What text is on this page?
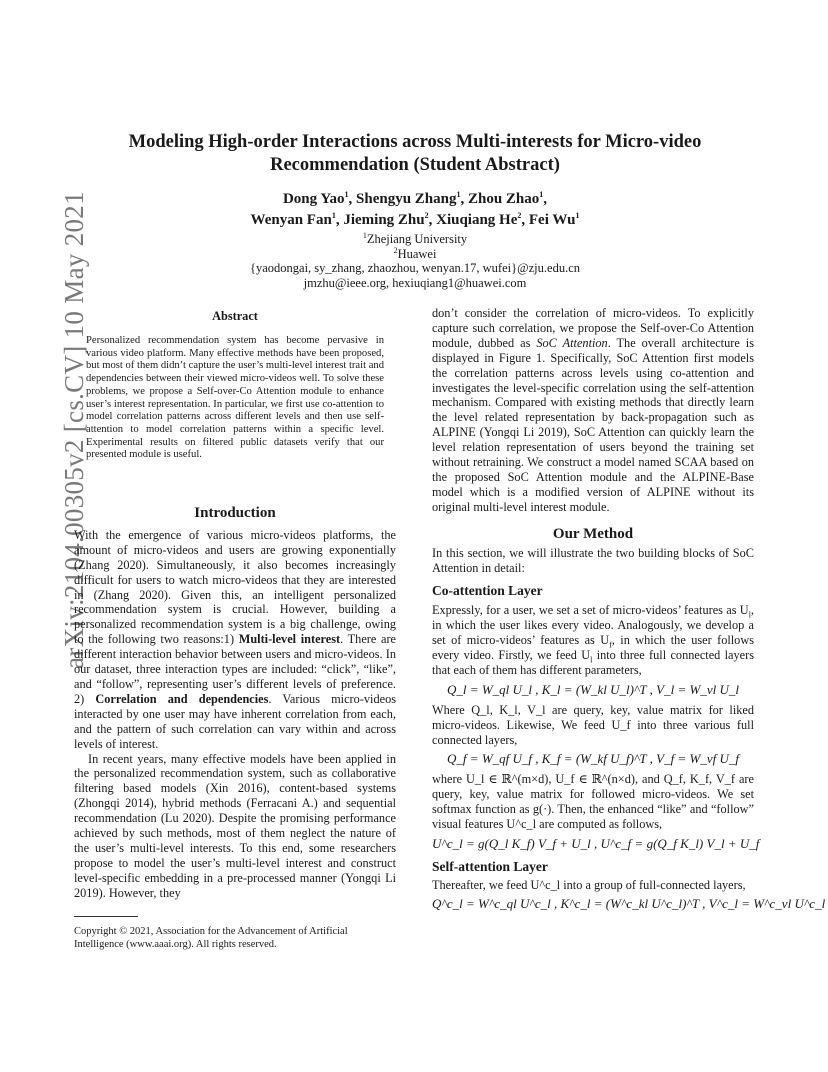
arXiv:2104.00305v2 [cs.CV] 10 May 2021
Modeling High-order Interactions across Multi-interests for Micro-video
Recommendation (Student Abstract)
Dong Yao$^1$, Shengyu Zhang$^1$, Zhou Zhao$^1$,
Wenyan Fan$^1$, Jieming Zhu$^2$, Xiuqiang He$^2$, Fei Wu$^1$
$^1$Zhejiang University
$^2$Huawei
{yaodongai, sy_zhang, zhaozhou, wenyan.17, wufei}@zju.edu.cn
jmzhu@ieee.org, hexiuqiang1@huawei.com
Abstract
Personalized recommendation system has become pervasive in various video platform. Many effective methods have been proposed, but most of them didn’t capture the user’s multi-level interest trait and dependencies between their viewed micro-videos well. To solve these problems, we propose a Self-over-Co Attention module to enhance user’s interest representation. In particular, we first use co-attention to model correlation patterns across different levels and then use self-attention to model correlation patterns within a specific level. Experimental results on filtered public datasets verify that our presented module is useful.
Introduction
With the emergence of various micro-videos platforms, the amount of micro-videos and users are growing exponentially (Zhang 2020). Simultaneously, it also becomes increasingly difficult for users to watch micro-videos that they are interested in (Zhang 2020). Given this, an intelligent personalized recommendation system is crucial. However, building a personalized recommendation system is a big challenge, owing to the following two reasons:1) Multi-level interest. There are different interaction behavior between users and micro-videos. In our dataset, three interaction types are included: “click”, “like”, and “follow”, representing user’s different levels of preference. 2) Correlation and dependencies. Various micro-videos interacted by one user may have inherent correlation from each, and the pattern of such correlation can vary within and across levels of interest.
In recent years, many effective models have been applied in the personalized recommendation system, such as collaborative filtering based models (Xin 2016), content-based systems (Zhongqi 2014), hybrid methods (Ferracani A.) and sequential recommendation (Lu 2020). Despite the promising performance achieved by such methods, most of them neglect the nature of the user’s multi-level interests. To this end, some researchers propose to model the user’s multi-level interest and construct level-specific embedding in a pre-processed manner (Yongqi Li 2019). However, they
Copyright © 2021, Association for the Advancement of Artificial Intelligence (www.aaai.org). All rights reserved.
don’t consider the correlation of micro-videos. To explicitly capture such correlation, we propose the Self-over-Co Attention module, dubbed as SoC Attention. The overall architecture is displayed in Figure 1. Specifically, SoC Attention first models the correlation patterns across levels using co-attention and investigates the level-specific correlation using the self-attention mechanism. Compared with existing methods that directly learn the level related representation by back-propagation such as ALPINE (Yongqi Li 2019), SoC Attention can quickly learn the level relation representation of users beyond the training set without retraining. We construct a model named SCAA based on the proposed SoC Attention module and the ALPINE-Base model which is a modified version of ALPINE without its original multi-level interest module.
Our Method
In this section, we will illustrate the two building blocks of SoC Attention in detail:
Co-attention Layer
Expressly, for a user, we set a set of micro-videos’ features as $U_l$, in which the user likes every video. Analogously, we develop a set of micro-videos’ features as $U_f$, in which the user follows every video. Firstly, we feed $U_l$ into three full connected layers that each of them has different parameters,
Q_l = W_ql U_l , K_l = (W_kl U_l)^T , V_l = W_vl U_l
Where Q_l, K_l, V_l are query, key, value matrix for liked micro-videos. Likewise, We feed U_f into three various full connected layers,
Q_f = W_qf U_f , K_f = (W_kf U_f)^T , V_f = W_vf U_f
where U_l ∈ ℝ^(m×d), U_f ∈ ℝ^(n×d), and Q_f, K_f, V_f are query, key, value matrix for followed micro-videos. We set softmax function as g(·). Then, the enhanced “like” and “follow” visual features U^c_l are computed as follows,
U^c_l = g(Q_l K_f) V_f + U_l , U^c_f = g(Q_f K_l) V_l + U_f
Self-attention Layer
Thereafter, we feed U^c_l into a group of full-connected layers,
Q^c_l = W^c_ql U^c_l , K^c_l = (W^c_kl U^c_l)^T , V^c_l = W^c_vl U^c_l
